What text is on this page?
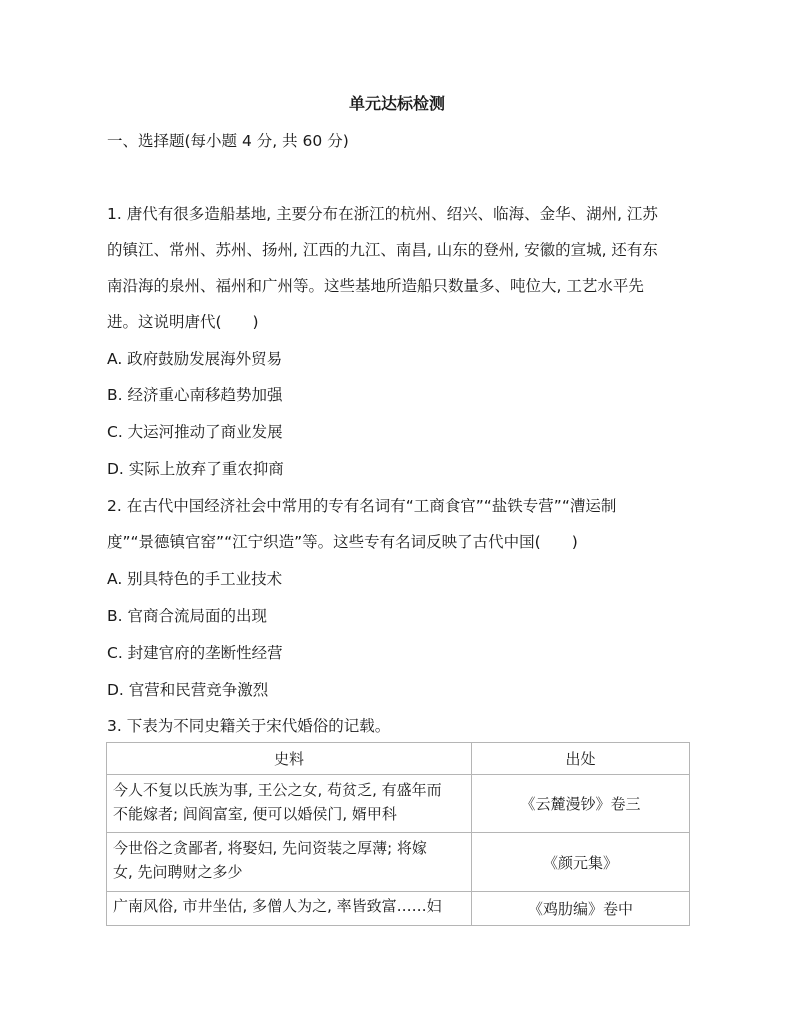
单元达标检测
一、选择题(每小题 4 分, 共 60 分)
1. 唐代有很多造船基地, 主要分布在浙江的杭州、绍兴、临海、金华、湖州, 江苏
的镇江、常州、苏州、扬州, 江西的九江、南昌, 山东的登州, 安徽的宣城, 还有东
南沿海的泉州、福州和广州等。这些基地所造船只数量多、吨位大, 工艺水平先
进。这说明唐代(　　)
A. 政府鼓励发展海外贸易
B. 经济重心南移趋势加强
C. 大运河推动了商业发展
D. 实际上放弃了重农抑商
2. 在古代中国经济社会中常用的专有名词有“工商食官”“盐铁专营”“漕运制
度”“景德镇官窑”“江宁织造”等。这些专有名词反映了古代中国(　　)
A. 别具特色的手工业技术
B. 官商合流局面的出现
C. 封建官府的垄断性经营
D. 官营和民营竞争激烈
3. 下表为不同史籍关于宋代婚俗的记载。
史料	出处

今人不复以氏族为事, 王公之女, 苟贫乏, 有盛年而
不能嫁者; 闾阎富室, 便可以婚侯门, 婿甲科	《云麓漫钞》卷三

今世俗之贪鄙者, 将娶妇, 先问资装之厚薄; 将嫁
女, 先问聘财之多少	《颜元集》

广南风俗, 市井坐估, 多僧人为之, 率皆致富……妇	《鸡肋编》卷中
